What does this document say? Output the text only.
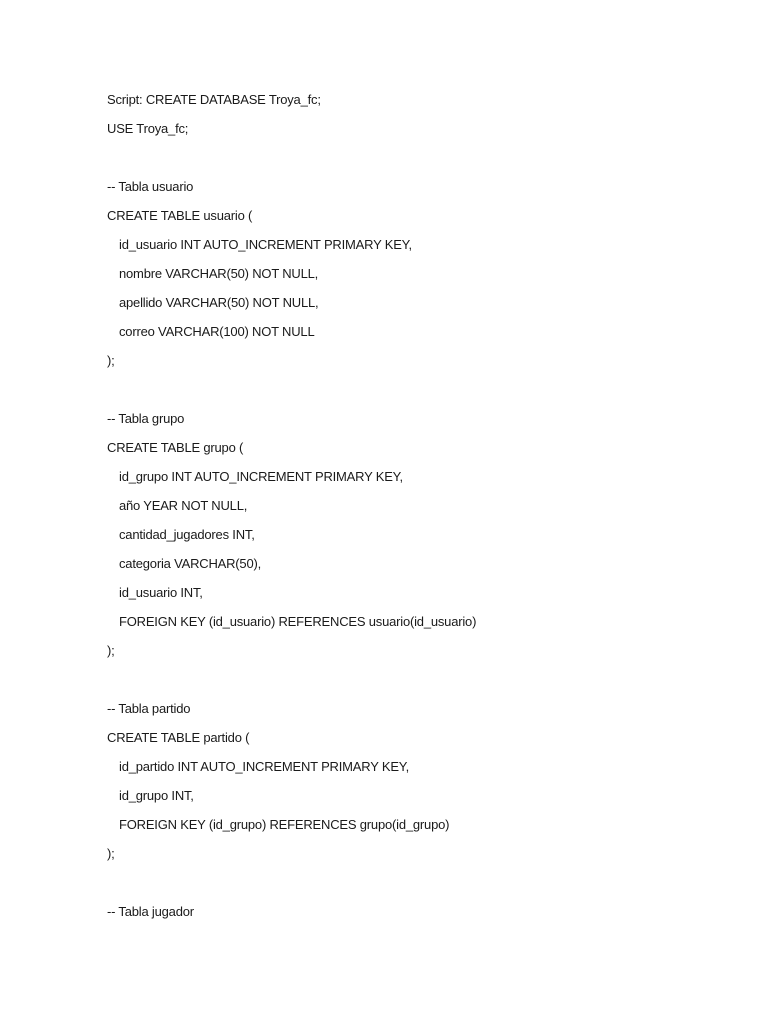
Script: CREATE DATABASE Troya_fc;
USE Troya_fc;
-- Tabla usuario
CREATE TABLE usuario (
id_usuario INT AUTO_INCREMENT PRIMARY KEY,
nombre VARCHAR(50) NOT NULL,
apellido VARCHAR(50) NOT NULL,
correo VARCHAR(100) NOT NULL
);
-- Tabla grupo
CREATE TABLE grupo (
id_grupo INT AUTO_INCREMENT PRIMARY KEY,
año YEAR NOT NULL,
cantidad_jugadores INT,
categoria VARCHAR(50),
id_usuario INT,
FOREIGN KEY (id_usuario) REFERENCES usuario(id_usuario)
);
-- Tabla partido
CREATE TABLE partido (
id_partido INT AUTO_INCREMENT PRIMARY KEY,
id_grupo INT,
FOREIGN KEY (id_grupo) REFERENCES grupo(id_grupo)
);
-- Tabla jugador
